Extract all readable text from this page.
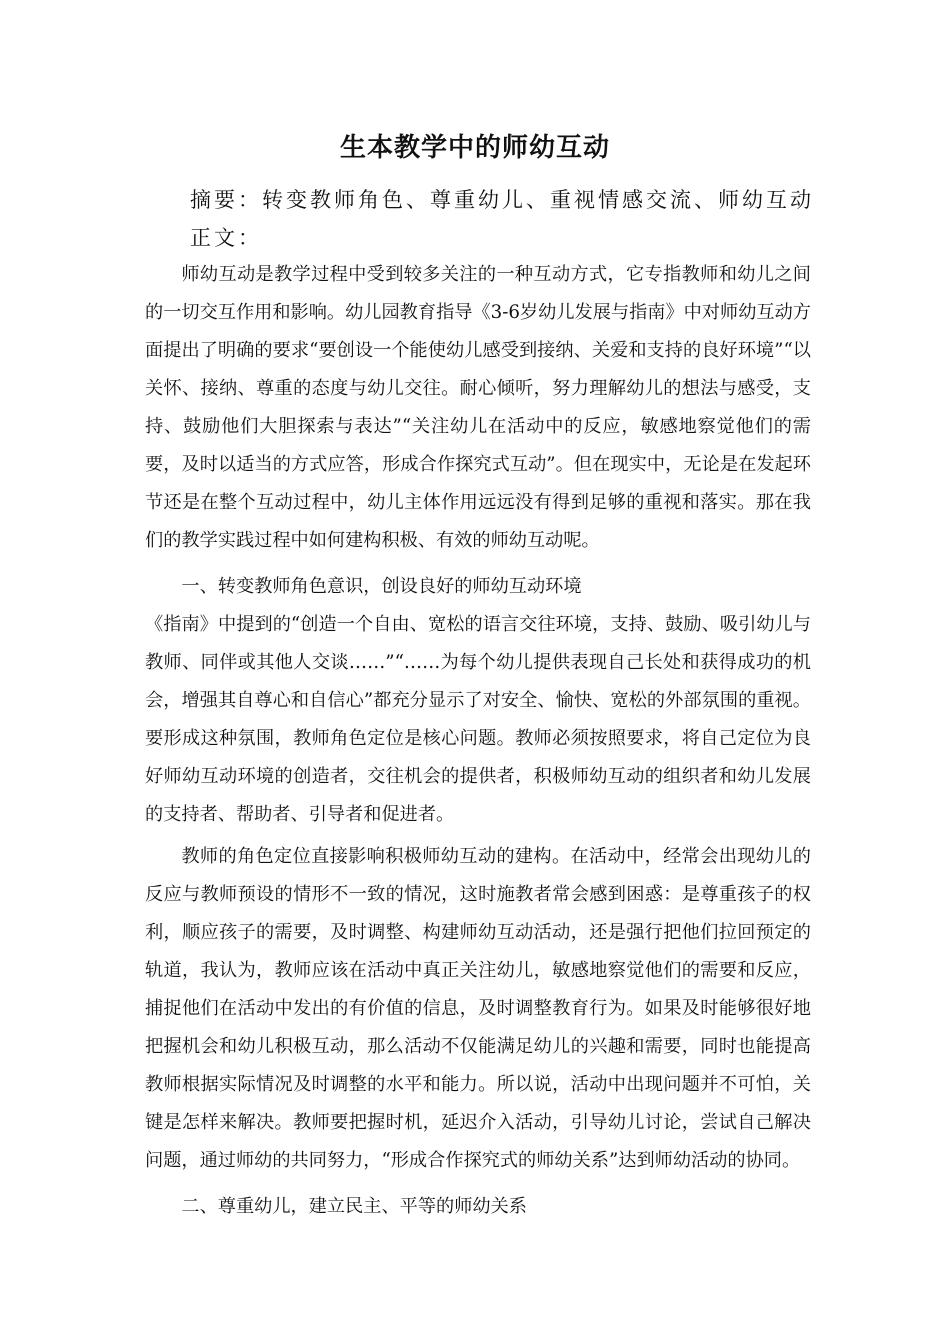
生本教学中的师幼互动
摘要：转变教师角色、尊重幼儿、重视情感交流、师幼互动
正文：

师幼互动是教学过程中受到较多关注的一种互动方式，它专指教师和幼儿之间的一切交互作用和影响。幼儿园教育指导《3-6岁幼儿发展与指南》中对师幼互动方面提出了明确的要求“要创设一个能使幼儿感受到接纳、关爱和支持的良好环境”“以关怀、接纳、尊重的态度与幼儿交往。耐心倾听，努力理解幼儿的想法与感受，支持、鼓励他们大胆探索与表达”“关注幼儿在活动中的反应，敏感地察觉他们的需要，及时以适当的方式应答，形成合作探究式互动”。但在现实中，无论是在发起环节还是在整个互动过程中，幼儿主体作用远远没有得到足够的重视和落实。那在我们的教学实践过程中如何建构积极、有效的师幼互动呢。

一、转变教师角色意识，创设良好的师幼互动环境

《指南》中提到的“创造一个自由、宽松的语言交往环境，支持、鼓励、吸引幼儿与教师、同伴或其他人交谈……”“……为每个幼儿提供表现自己长处和获得成功的机会，增强其自尊心和自信心”都充分显示了对安全、愉快、宽松的外部氛围的重视。要形成这种氛围，教师角色定位是核心问题。教师必须按照要求，将自己定位为良好师幼互动环境的创造者，交往机会的提供者，积极师幼互动的组织者和幼儿发展的支持者、帮助者、引导者和促进者。

教师的角色定位直接影响积极师幼互动的建构。在活动中，经常会出现幼儿的反应与教师预设的情形不一致的情况，这时施教者常会感到困惑：是尊重孩子的权利，顺应孩子的需要，及时调整、构建师幼互动活动，还是强行把他们拉回预定的轨道，我认为，教师应该在活动中真正关注幼儿，敏感地察觉他们的需要和反应，捕捉他们在活动中发出的有价值的信息，及时调整教育行为。如果及时能够很好地把握机会和幼儿积极互动，那么活动不仅能满足幼儿的兴趣和需要，同时也能提高教师根据实际情况及时调整的水平和能力。所以说，活动中出现问题并不可怕，关键是怎样来解决。教师要把握时机，延迟介入活动，引导幼儿讨论，尝试自己解决问题，通过师幼的共同努力，“形成合作探究式的师幼关系”达到师幼活动的协同。

二、尊重幼儿，建立民主、平等的师幼关系
